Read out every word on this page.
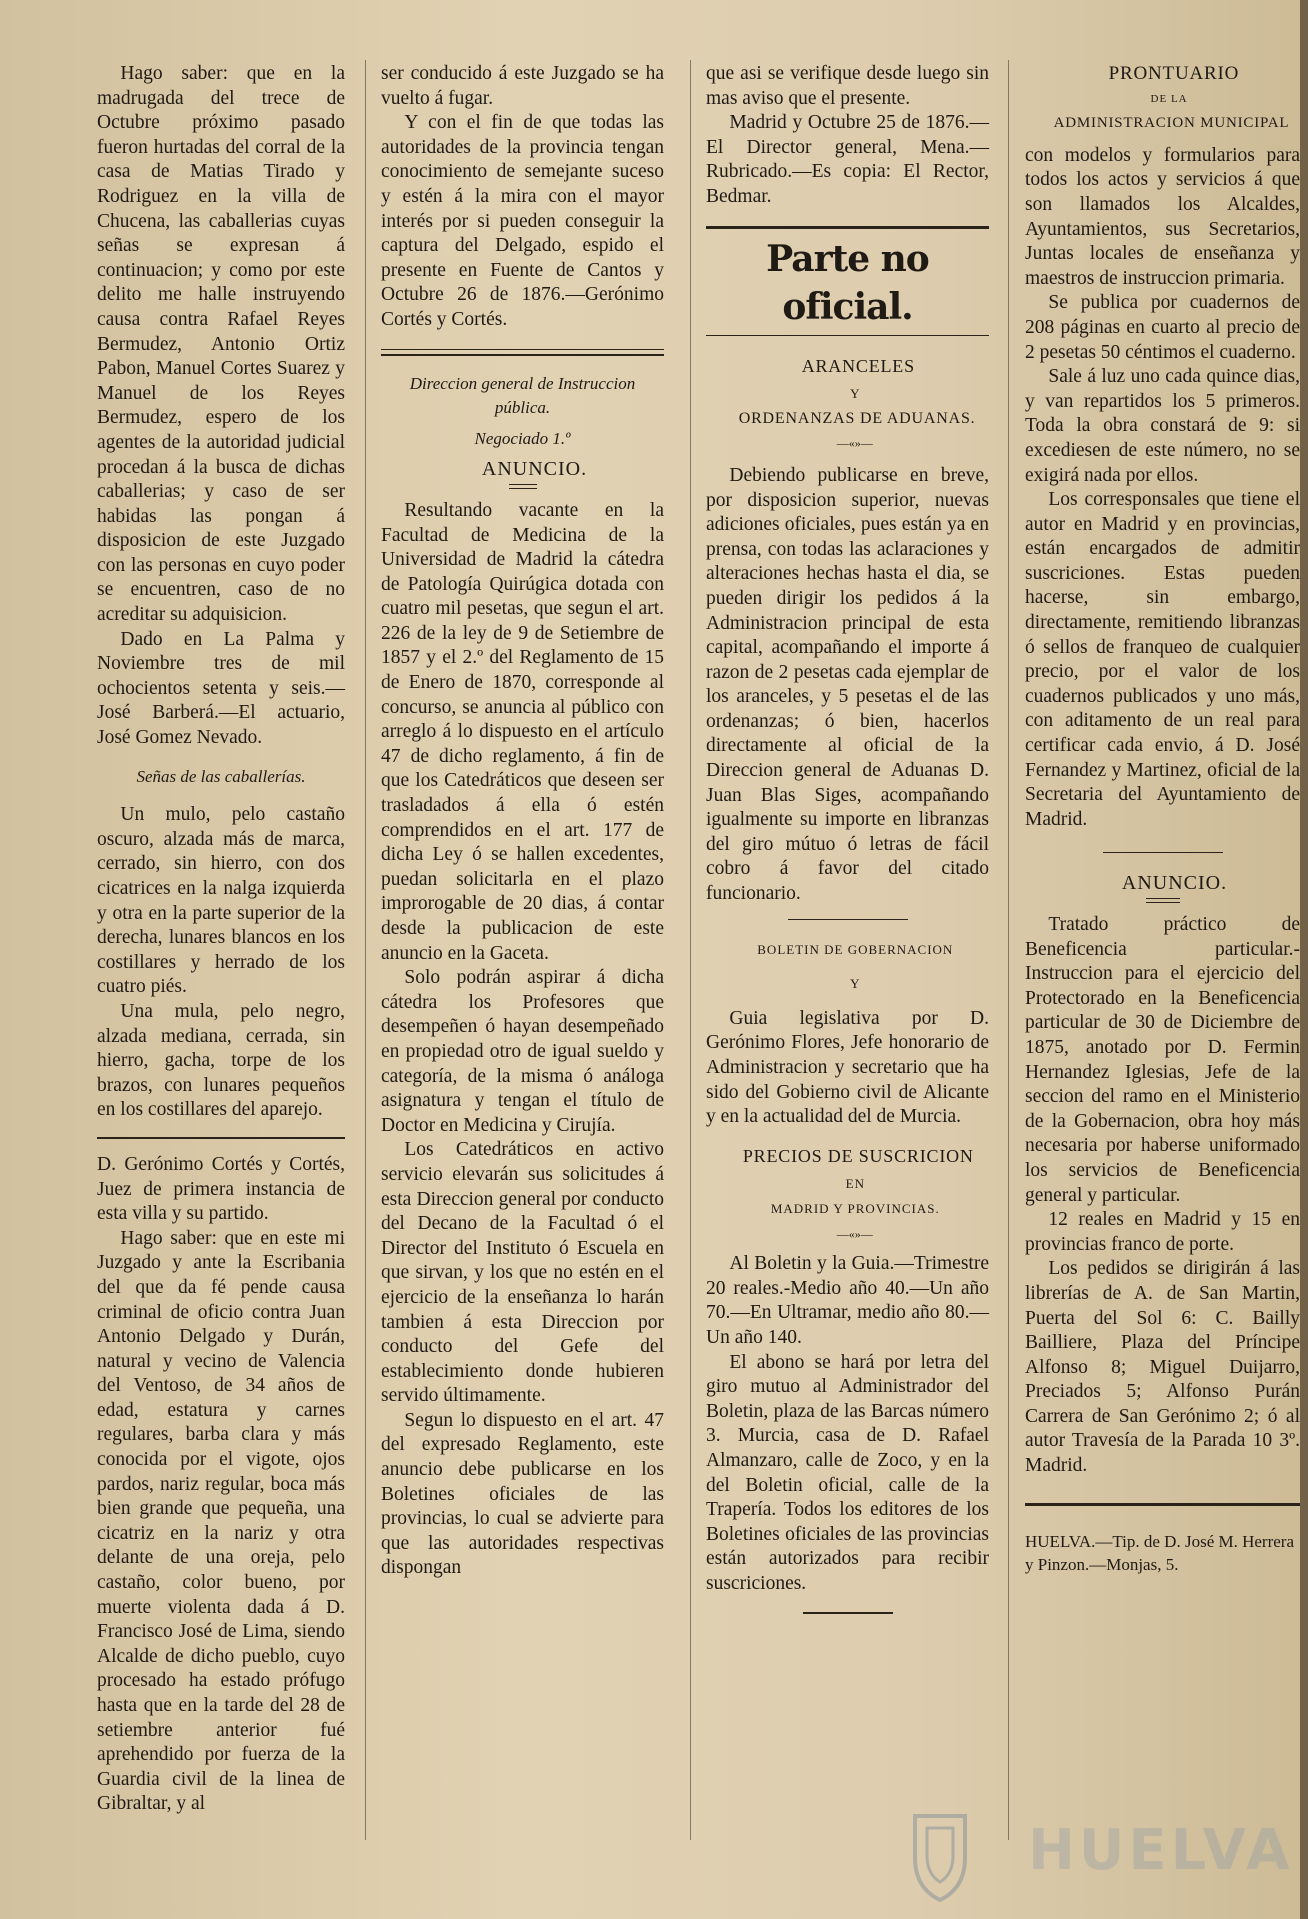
Hago saber: que en la madrugada del trece de Octubre próximo pasado fueron hurtadas del corral de la casa de Matias Tirado y Rodriguez en la villa de Chucena, las caballerias cuyas señas se expresan á continuacion; y como por este delito me halle instruyendo causa contra Rafael Reyes Bermudez, Antonio Ortiz Pabon, Manuel Cortes Suarez y Manuel de los Reyes Bermudez, espero de los agentes de la autoridad judicial procedan á la busca de dichas caballerias; y caso de ser habidas las pongan á disposicion de este Juzgado con las personas en cuyo poder se encuentren, caso de no acreditar su adquisicion.

Dado en La Palma y Noviembre tres de mil ochocientos setenta y seis.—José Barberá.—El actuario, José Gomez Nevado.

Señas de las caballerías.

Un mulo, pelo castaño oscuro, alzada más de marca, cerrado, sin hierro, con dos cicatrices en la nalga izquierda y otra en la parte superior de la derecha, lunares blancos en los costillares y herrado de los cuatro piés.

Una mula, pelo negro, alzada mediana, cerrada, sin hierro, gacha, torpe de los brazos, con lunares pequeños en los costillares del aparejo.

D. Gerónimo Cortés y Cortés, Juez de primera instancia de esta villa y su partido.

Hago saber: que en este mi Juzgado y ante la Escribania del que da fé pende causa criminal de oficio contra Juan Antonio Delgado y Durán, natural y vecino de Valencia del Ventoso, de 34 años de edad, estatura y carnes regulares, barba clara y más conocida por el vigote, ojos pardos, nariz regular, boca más bien grande que pequeña, una cicatriz en la nariz y otra delante de una oreja, pelo castaño, color bueno, por muerte violenta dada á D. Francisco José de Lima, siendo Alcalde de dicho pueblo, cuyo procesado ha estado prófugo hasta que en la tarde del 28 de setiembre anterior fué aprehendido por fuerza de la Guardia civil de la linea de Gibraltar, y al

ser conducido á este Juzgado se ha vuelto á fugar.

Y con el fin de que todas las autoridades de la provincia tengan conocimiento de semejante suceso y estén á la mira con el mayor interés por si pueden conseguir la captura del Delgado, espido el presente en Fuente de Cantos y Octubre 26 de 1876.—Gerónimo Cortés y Cortés.

Direccion general de Instruccion pública.

Negociado 1.º

ANUNCIO.

Resultando vacante en la Facultad de Medicina de la Universidad de Madrid la cátedra de Patología Quirúgica dotada con cuatro mil pesetas, que segun el art. 226 de la ley de 9 de Setiembre de 1857 y el 2.º del Reglamento de 15 de Enero de 1870, corresponde al concurso, se anuncia al público con arreglo á lo dispuesto en el artículo 47 de dicho reglamento, á fin de que los Catedráticos que deseen ser trasladados á ella ó estén comprendidos en el art. 177 de dicha Ley ó se hallen excedentes, puedan solicitarla en el plazo improrogable de 20 dias, á contar desde la publicacion de este anuncio en la Gaceta.

Solo podrán aspirar á dicha cátedra los Profesores que desempeñen ó hayan desempeñado en propiedad otro de igual sueldo y categoría, de la misma ó análoga asignatura y tengan el título de Doctor en Medicina y Cirujía.

Los Catedráticos en activo servicio elevarán sus solicitudes á esta Direccion general por conducto del Decano de la Facultad ó el Director del Instituto ó Escuela en que sirvan, y los que no estén en el ejercicio de la enseñanza lo harán tambien á esta Direccion por conducto del Gefe del establecimiento donde hubieren servido últimamente.

Segun lo dispuesto en el art. 47 del expresado Reglamento, este anuncio debe publicarse en los Boletines oficiales de las provincias, lo cual se advierte para que las autoridades respectivas dispongan

que asi se verifique desde luego sin mas aviso que el presente.

Madrid y Octubre 25 de 1876.—El Director general, Mena.—Rubricado.—Es copia: El Rector, Bedmar.

Parte no oficial.

ARANCELES

Y

ORDENANZAS DE ADUANAS.

—«»—

Debiendo publicarse en breve, por disposicion superior, nuevas adiciones oficiales, pues están ya en prensa, con todas las aclaraciones y alteraciones hechas hasta el dia, se pueden dirigir los pedidos á la Administracion principal de esta capital, acompañando el importe á razon de 2 pesetas cada ejemplar de los aranceles, y 5 pesetas el de las ordenanzas; ó bien, hacerlos directamente al oficial de la Direccion general de Aduanas D. Juan Blas Siges, acompañando igualmente su importe en libranzas del giro mútuo ó letras de fácil cobro á favor del citado funcionario.

BOLETIN DE GOBERNACION

Y

Guia legislativa por D. Gerónimo Flores, Jefe honorario de Administracion y secretario que ha sido del Gobierno civil de Alicante y en la actualidad del de Murcia.

PRECIOS DE SUSCRICION

EN

MADRID Y PROVINCIAS.

—«»—

Al Boletin y la Guia.—Trimestre 20 reales.-Medio año 40.—Un año 70.—En Ultramar, medio año 80.—Un año 140.

El abono se hará por letra del giro mutuo al Administrador del Boletin, plaza de las Barcas número 3. Murcia, casa de D. Rafael Almanzaro, calle de Zoco, y en la del Boletin oficial, calle de la Trapería. Todos los editores de los Boletines oficiales de las provincias están autorizados para recibir suscriciones.

PRONTUARIO

DE LA

ADMINISTRACION MUNICIPAL

con modelos y formularios para todos los actos y servicios á que son llamados los Alcaldes, Ayuntamientos, sus Secretarios, Juntas locales de enseñanza y maestros de instruccion primaria.

Se publica por cuadernos de 208 páginas en cuarto al precio de 2 pesetas 50 céntimos el cuaderno.

Sale á luz uno cada quince dias, y van repartidos los 5 primeros. Toda la obra constará de 9: si excediesen de este número, no se exigirá nada por ellos.

Los corresponsales que tiene el autor en Madrid y en provincias, están encargados de admitir suscriciones. Estas pueden hacerse, sin embargo, directamente, remitiendo libranzas ó sellos de franqueo de cualquier precio, por el valor de los cuadernos publicados y uno más, con aditamento de un real para certificar cada envio, á D. José Fernandez y Martinez, oficial de la Secretaria del Ayuntamiento de Madrid.

ANUNCIO.

Tratado práctico de Beneficencia particular.-Instruccion para el ejercicio del Protectorado en la Beneficencia particular de 30 de Diciembre de 1875, anotado por D. Fermin Hernandez Iglesias, Jefe de la seccion del ramo en el Ministerio de la Gobernacion, obra hoy más necesaria por haberse uniformado los servicios de Beneficencia general y particular.

12 reales en Madrid y 15 en provincias franco de porte.

Los pedidos se dirigirán á las librerías de A. de San Martin, Puerta del Sol 6: C. Bailly Bailliere, Plaza del Príncipe Alfonso 8; Miguel Duijarro, Preciados 5; Alfonso Purán Carrera de San Gerónimo 2; ó al autor Travesía de la Parada 10 3º. Madrid.

HUELVA.—Tip. de D. José M. Herrera y Pinzon.—Monjas, 5.

HUELVA
